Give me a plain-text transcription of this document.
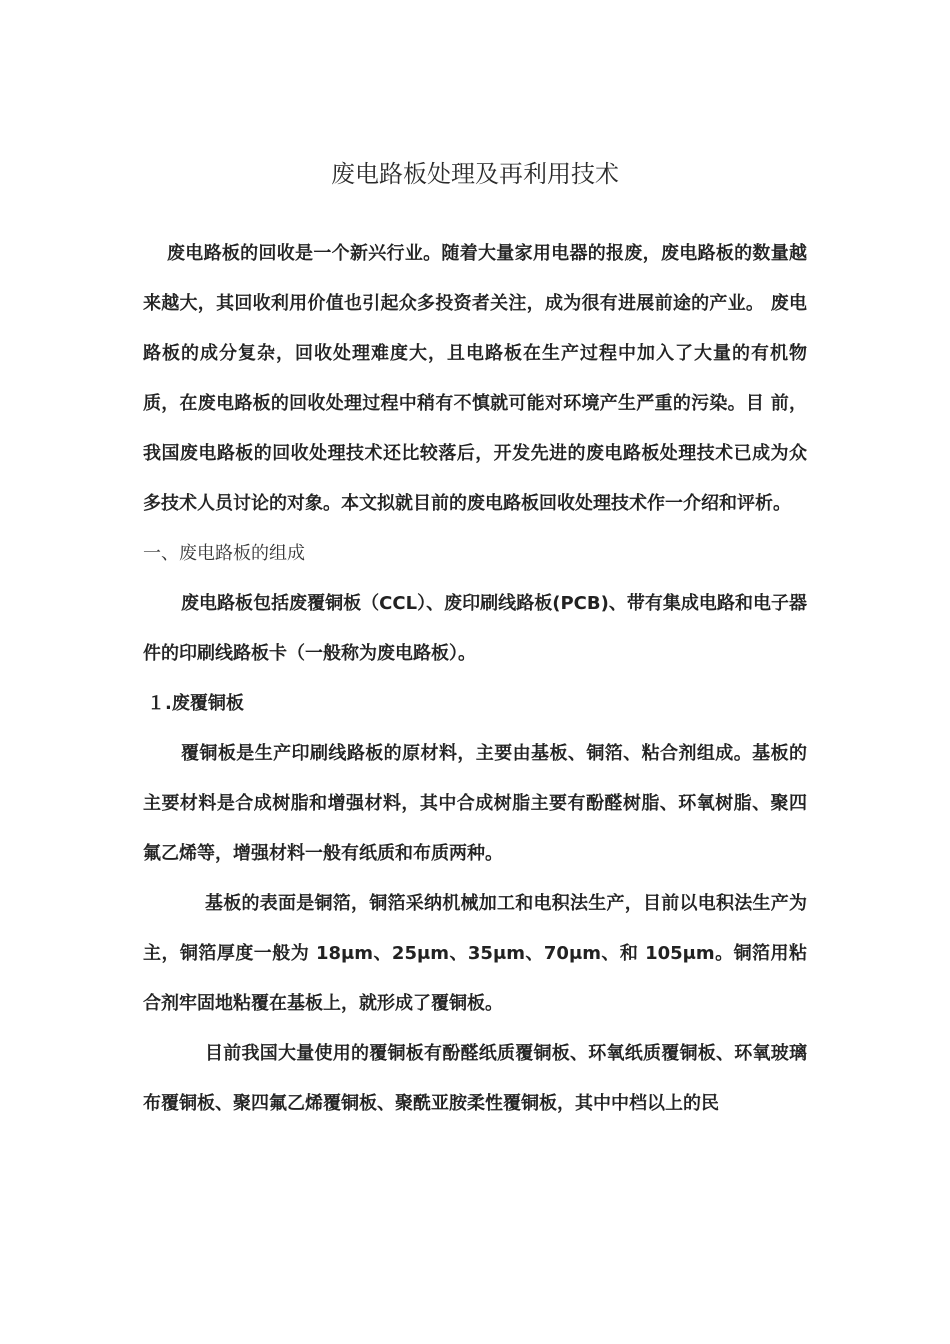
废电路板处理及再利用技术

废电路板的回收是一个新兴行业。随着大量家用电器的报废，废电路板的数量越来越大，其回收利用价值也引起众多投资者关注，成为很有进展前途的产业。 废电路板的成分复杂，回收处理难度大，且电路板在生产过程中加入了大量的有机物质，在废电路板的回收处理过程中稍有不慎就可能对环境产生严重的污染。目 前，我国废电路板的回收处理技术还比较落后，开发先进的废电路板处理技术已成为众多技术人员讨论的对象。本文拟就目前的废电路板回收处理技术作一介绍和评析。

一、废电路板的组成

废电路板包括废覆铜板（CCL）、废印刷线路板(PCB)、带有集成电路和电子器件的印刷线路板卡（一般称为废电路板）。

１.废覆铜板

覆铜板是生产印刷线路板的原材料，主要由基板、铜箔、粘合剂组成。基板的主要材料是合成树脂和增强材料，其中合成树脂主要有酚醛树脂、环氧树脂、聚四氟乙烯等，增强材料一般有纸质和布质两种。

基板的表面是铜箔，铜箔采纳机械加工和电积法生产，目前以电积法生产为主，铜箔厚度一般为 18μm、25μm、35μm、70μm、和 105μm。铜箔用粘合剂牢固地粘覆在基板上，就形成了覆铜板。

目前我国大量使用的覆铜板有酚醛纸质覆铜板、环氧纸质覆铜板、环氧玻璃布覆铜板、聚四氟乙烯覆铜板、聚酰亚胺柔性覆铜板，其中中档以上的民
